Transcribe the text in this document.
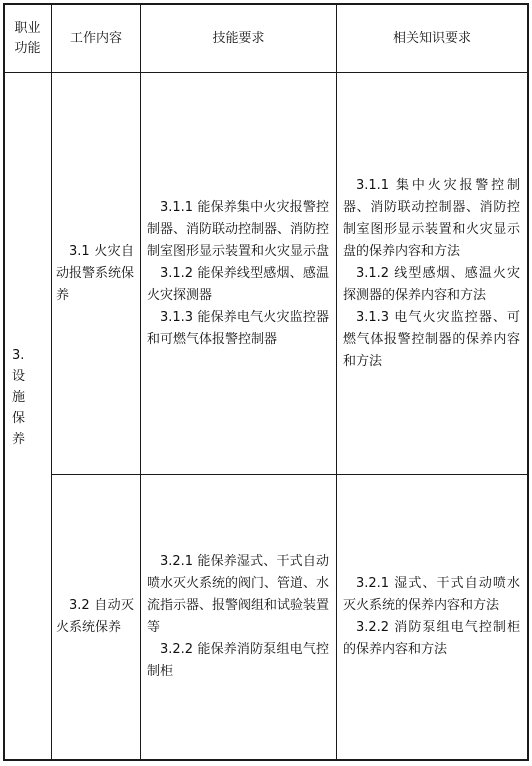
职业
功能
工作内容	技能要求	相关知识要求
3.
设
施
保
养
3.1 火灾自动报警系统保养

3.1.1 能保养集中火灾报警控制器、消防联动控制器、消防控制室图形显示装置和火灾显示盘

3.1.2 能保养线型感烟、感温火灾探测器

3.1.3 能保养电气火灾监控器和可燃气体报警控制器

3.1.1 集中火灾报警控制器、消防联动控制器、消防控制室图形显示装置和火灾显示盘的保养内容和方法

3.1.2 线型感烟、感温火灾探测器的保养内容和方法

3.1.3 电气火灾监控器、可燃气体报警控制器的保养内容和方法

3.2 自动灭火系统保养

3.2.1 能保养湿式、干式自动喷水灭火系统的阀门、管道、水流指示器、报警阀组和试验装置等

3.2.2 能保养消防泵组电气控制柜

3.2.1 湿式、干式自动喷水灭火系统的保养内容和方法

3.2.2 消防泵组电气控制柜的保养内容和方法
